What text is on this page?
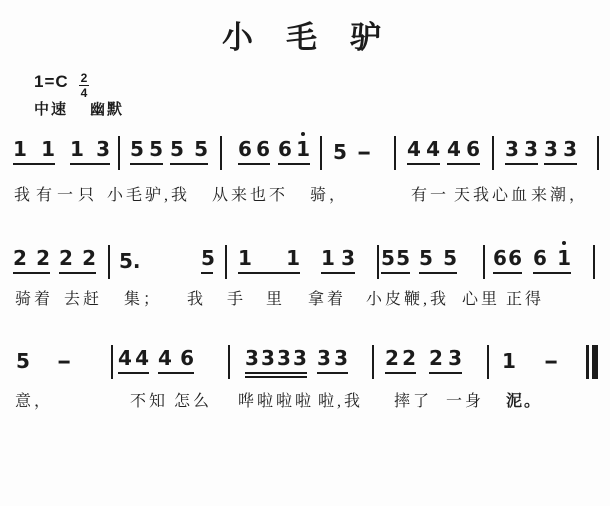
小毛驴
$1=C \frac{2}{4}$
中速 幽默
1 1 1 3 5 5 5 5 6 6 6 1 5 - 4 4 4 6 3 3 3 3
我 有 一 只 小毛驴,我 从来也不 骑，	有一 天我 心血 来潮，
2 2 2 2 5.	5 1 1 1 3 5 5 5 5 6 6 6 1
骑着 去赶 集； 我 手 里 拿着 小皮鞭,我 心里 正得
5 - 4 4 4 6	3 3 3 3 3 3 2 2 2 3 1 -
意，	不知 怎么 哗啦啦啦 啦,我 摔了 一身 泥。
